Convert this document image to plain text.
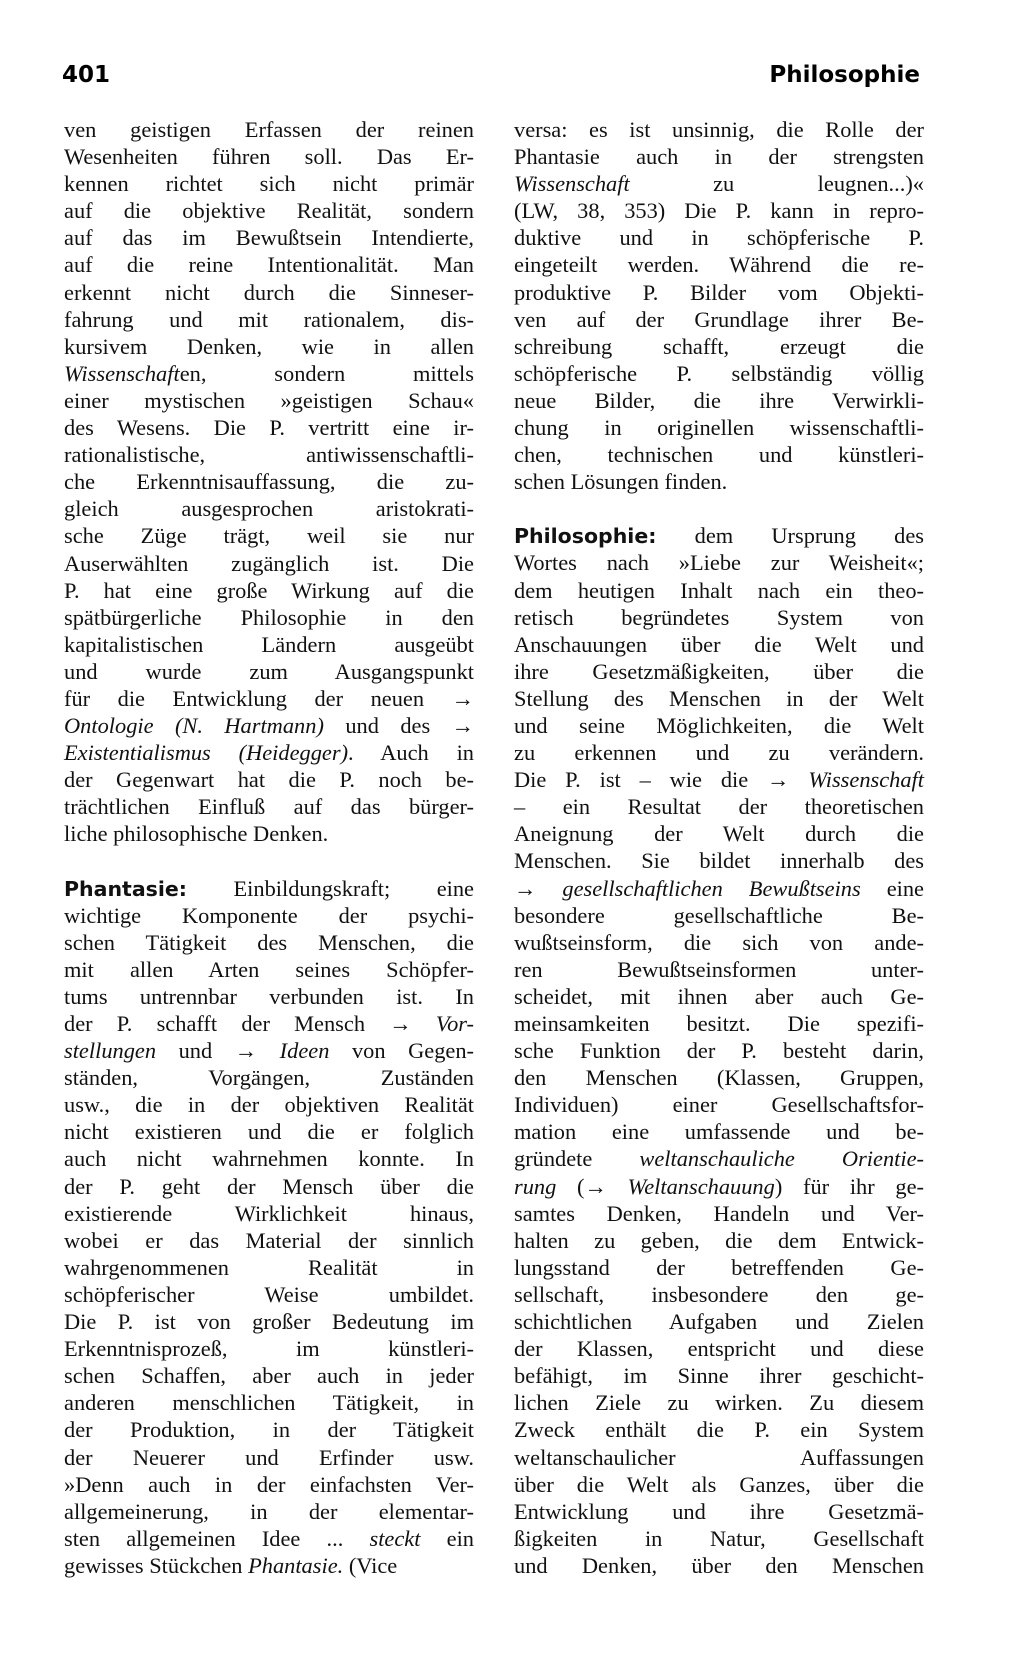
401	Philosophie

ven geistigen Erfassen der reinen
Wesenheiten führen soll. Das Er-
kennen richtet sich nicht primär
auf die objektive Realität, sondern
auf das im Bewußtsein Intendierte,
auf die reine Intentionalität. Man
erkennt nicht durch die Sinneser-
fahrung und mit rationalem, dis-
kursivem Denken, wie in allen
Wissenschaften, sondern mittels
einer mystischen »geistigen Schau«
des Wesens. Die P. vertritt eine ir-
rationalistische, antiwissenschaftli-
che Erkenntnisauffassung, die zu-
gleich ausgesprochen aristokrati-
sche Züge trägt, weil sie nur
Auserwählten zugänglich ist. Die
P. hat eine große Wirkung auf die
spätbürgerliche Philosophie in den
kapitalistischen Ländern ausgeübt
und wurde zum Ausgangspunkt
für die Entwicklung der neuen →
Ontologie (N. Hartmann) und des →
Existentialismus (Heidegger). Auch in
der Gegenwart hat die P. noch be-
trächtlichen Einfluß auf das bürger-
liche philosophische Denken.

Phantasie: Einbildungskraft; eine
wichtige Komponente der psychi-
schen Tätigkeit des Menschen, die
mit allen Arten seines Schöpfer-
tums untrennbar verbunden ist. In
der P. schafft der Mensch → Vor-
stellungen und → Ideen von Gegen-
ständen, Vorgängen, Zuständen
usw., die in der objektiven Realität
nicht existieren und die er folglich
auch nicht wahrnehmen konnte. In
der P. geht der Mensch über die
existierende Wirklichkeit hinaus,
wobei er das Material der sinnlich
wahrgenommenen Realität in
schöpferischer Weise umbildet.
Die P. ist von großer Bedeutung im
Erkenntnisprozeß, im künstleri-
schen Schaffen, aber auch in jeder
anderen menschlichen Tätigkeit, in
der Produktion, in der Tätigkeit
der Neuerer und Erfinder usw.
»Denn auch in der einfachsten Ver-
allgemeinerung, in der elementar-
sten allgemeinen Idee ... steckt ein
gewisses Stückchen Phantasie. (Vice

versa: es ist unsinnig, die Rolle der
Phantasie auch in der strengsten
Wissenschaft zu leugnen...)«
(LW, 38, 353) Die P. kann in repro-
duktive und in schöpferische P.
eingeteilt werden. Während die re-
produktive P. Bilder vom Objekti-
ven auf der Grundlage ihrer Be-
schreibung schafft, erzeugt die
schöpferische P. selbständig völlig
neue Bilder, die ihre Verwirkli-
chung in originellen wissenschaftli-
chen, technischen und künstleri-
schen Lösungen finden.

Philosophie: dem Ursprung des
Wortes nach »Liebe zur Weisheit«;
dem heutigen Inhalt nach ein theo-
retisch begründetes System von
Anschauungen über die Welt und
ihre Gesetzmäßigkeiten, über die
Stellung des Menschen in der Welt
und seine Möglichkeiten, die Welt
zu erkennen und zu verändern.
Die P. ist – wie die → Wissenschaft
– ein Resultat der theoretischen
Aneignung der Welt durch die
Menschen. Sie bildet innerhalb des
→ gesellschaftlichen Bewußtseins eine
besondere gesellschaftliche Be-
wußtseinsform, die sich von ande-
ren Bewußtseinsformen unter-
scheidet, mit ihnen aber auch Ge-
meinsamkeiten besitzt. Die spezifi-
sche Funktion der P. besteht darin,
den Menschen (Klassen, Gruppen,
Individuen) einer Gesellschaftsfor-
mation eine umfassende und be-
gründete weltanschauliche Orientie-
rung (→ Weltanschauung) für ihr ge-
samtes Denken, Handeln und Ver-
halten zu geben, die dem Entwick-
lungsstand der betreffenden Ge-
sellschaft, insbesondere den ge-
schichtlichen Aufgaben und Zielen
der Klassen, entspricht und diese
befähigt, im Sinne ihrer geschicht-
lichen Ziele zu wirken. Zu diesem
Zweck enthält die P. ein System
weltanschaulicher Auffassungen
über die Welt als Ganzes, über die
Entwicklung und ihre Gesetzmä-
ßigkeiten in Natur, Gesellschaft
und Denken, über den Menschen
